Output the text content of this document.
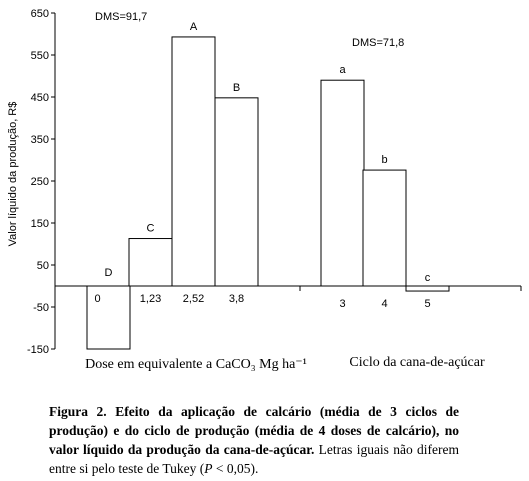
-150
-50
50
150
250
350
450
550
650
Valor líquido da produção, R$
D
0
C
1,23
A
2,52
B
3,8
DMS=91,7
Dose em equivalente a CaCO₃ Mg ha⁻¹
a
3
b
4
c
5
DMS=71,8
Ciclo da cana-de-açúcar
Figura 2. Efeito da aplicação de calcário (média de 3 ciclos de produção) e do ciclo de produção (média de 4 doses de calcário), no valor líquido da produção da cana-de-açúcar. Letras iguais não diferem entre si pelo teste de Tukey (P < 0,05).
